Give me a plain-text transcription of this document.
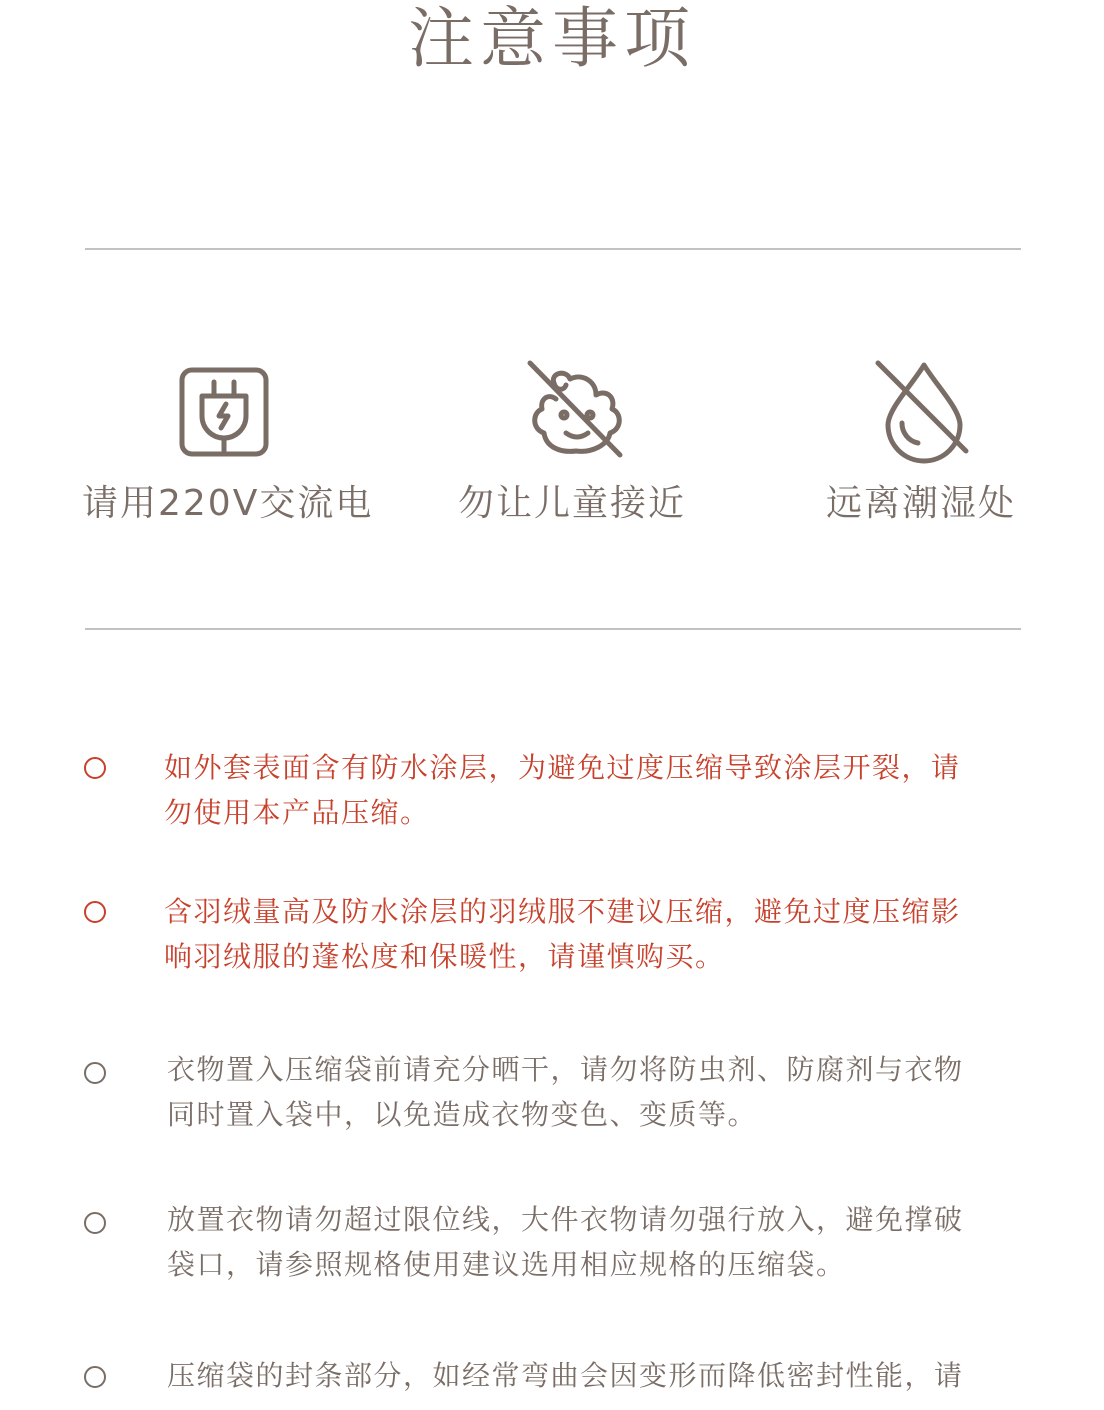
注意事项
请用220V交流电 勿让儿童接近	远离潮湿处
如外套表面含有防水涂层，为避免过度压缩导致涂层开裂，请
勿使用本产品压缩。
含羽绒量高及防水涂层的羽绒服不建议压缩，避免过度压缩影
响羽绒服的蓬松度和保暖性，请谨慎购买。
衣物置入压缩袋前请充分晒干，请勿将防虫剂、防腐剂与衣物
同时置入袋中，以免造成衣物变色、变质等。
放置衣物请勿超过限位线，大件衣物请勿强行放入，避免撑破
袋口，请参照规格使用建议选用相应规格的压缩袋。
压缩袋的封条部分，如经常弯曲会因变形而降低密封性能，请
